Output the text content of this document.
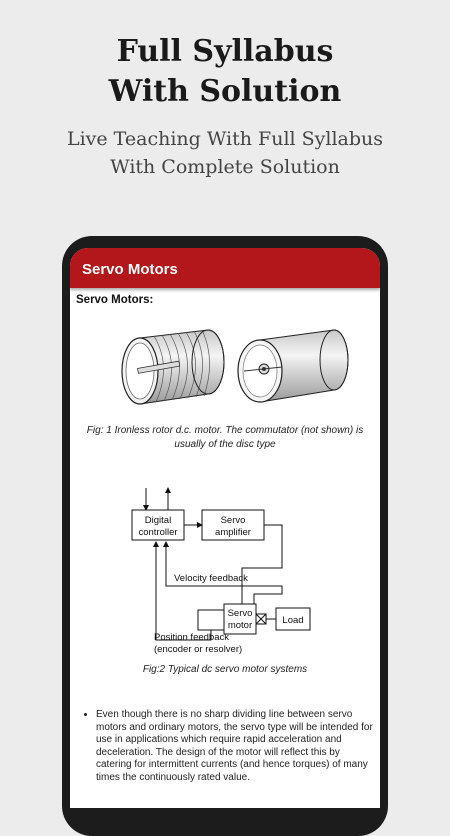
Full Syllabus
With Solution
Live Teaching With Full Syllabus
With Complete Solution
Servo Motors
Servo Motors:
Fig: 1 Ironless rotor d.c. motor. The commutator (not shown) is usually of the disc type
Digital
controller
Servo
amplifier
Velocity feedback
Servo
motor	Load
Position feedback
(encoder or resolver)
Fig:2 Typical dc servo motor systems
• Even though there is no sharp dividing line between servo motors and ordinary motors, the servo type will be intended for use in applications which require rapid acceleration and deceleration. The design of the motor will reflect this by catering for intermittent currents (and hence torques) of many times the continuously rated value.
